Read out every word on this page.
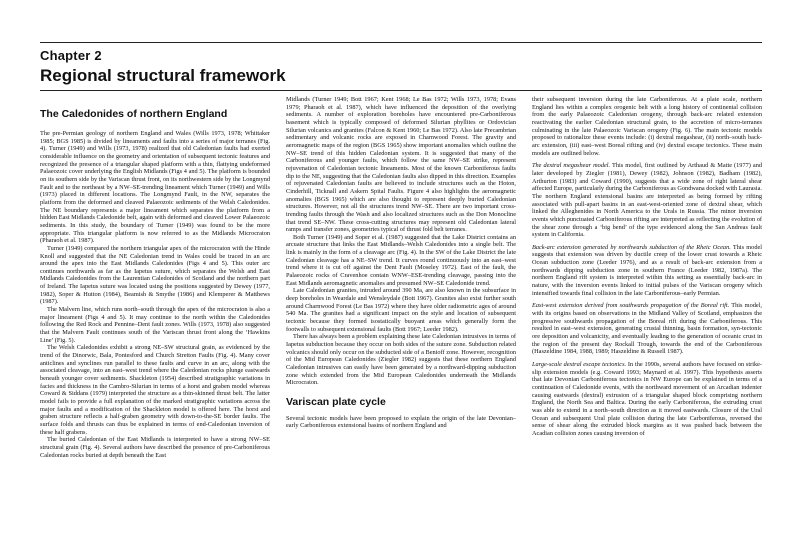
Chapter 2
Regional structural framework
The Caledonides of northern England

The pre-Permian geology of northern England and Wales (Wills 1973, 1978; Whittaker 1985; BGS 1985) is divided by lineaments and faults into a series of major terranes (Fig. 4). Turner (1949) and Wills (1973, 1978) realized that old Caledonian faults had exerted considerable influence on the geometry and orientation of subsequent tectonic features and recognized the presence of a triangular shaped platform with a thin, flattying undeformed Palaeozoic cover underlying the English Midlands (Figs 4 and 5). The platform is bounded on its southern side by the Variscan thrust front, on its northwestern side by the Longmynd Fault and to the northeast by a NW–SE-trending lineament which Turner (1949) and Wills (1973) placed in different locations. The Longmynd Fault, in the NW, separates the platform from the deformed and cleaved Palaeozoic sediments of the Welsh Caledonides. The NE boundary represents a major lineament which separates the platform from a hidden East Midlands Caledonide belt, again with deformed and cleaved Lower Palaeozoic sediments. In this study, the boundary of Turner (1949) was found to be the more appropriate. This triangular platform is now referred to as the Midlands Microcraton (Pharaoh et al. 1987).

Turner (1949) compared the northern triangular apex of the microcraton with the Hinde Knoll and suggested that the NE Caledonian trend in Wales could be traced in an arc around the apex into the East Midlands Caledonides (Figs 4 and 5). This outer arc continues northwards as far as the Iapetus suture, which separates the Welsh and East Midlands Caledonides from the Laurentian Caledonides of Scotland and the northern part of Ireland. The Iapetus suture was located using the positions suggested by Dewey (1977, 1982), Soper & Hutton (1984), Beamish & Smythe (1986) and Klemperer & Matthews (1987).

The Malvern line, which runs north–south through the apex of the microcraton is also a major lineament (Figs 4 and 5). It may continue to the north within the Caledonides following the Red Rock and Pennine–Dent fault zones. Wills (1973, 1978) also suggested that the Malvern Fault continues south of the Variscan thrust front along the ‘Hawkins Line’ (Fig. 5).

The Welsh Caledonides exhibit a strong NE–SW structural grain, as evidenced by the trend of the Dinorwic, Bala, Pontesford and Church Stretton Faults (Fig. 4). Many cover anticlines and synclines run parallel to these faults and curve in an arc, along with the associated cleavage, into an east–west trend where the Caledonian rocks plunge eastwards beneath younger cover sediments. Shackleton (1954) described stratigraphic variations in facies and thickness in the Cambro-Silurian in terms of a horst and graben model whereas Coward & Siddans (1979) interpreted the structure as a thin-skinned thrust belt. The latter model fails to provide a full explanation of the marked stratigraphic variations across the major faults and a modification of the Shackleton model is offered here. The horst and graben structure reflects a half-graben geometry with down-to-the-SE border faults. The surface folds and thrusts can thus be explained in terms of end-Caledonian inversion of these half grabens.

The buried Caledonian of the East Midlands is interpreted to have a strong NW–SE structural grain (Fig. 4). Several authors have described the presence of pre-Carboniferous Caledonian rocks buried at depth beneath the East

Midlands (Turner 1949; Bott 1967; Kent 1968; Le Bas 1972; Wills 1973, 1978; Evans 1979; Pharaoh et al. 1987), which have influenced the deposition of the overlying sediments. A number of exploration boreholes have encountered pre-Carboniferous basement which is typically composed of deformed Silurian phyllites or Ordovician Silurian volcanics and granites (Falcon & Kent 1960; Le Bas 1972). Also late Precambrian sedimentary and volcanic rocks are exposed in Charnwood Forest. The gravity and aeromagnetic maps of the region (BGS 1965) show important anomalies which outline the NW–SE trend of this hidden Caledonian system. It is suggested that many of the Carboniferous and younger faults, which follow the same NW–SE strike, represent rejuvenation of Caledonian tectonic lineaments. Most of the known Carboniferous faults dip to the NE, suggesting that the Caledonian faults also dipped in this direction. Examples of rejuvenated Caledonian faults are believed to include structures such as the Hoton, Cinderhill, Ticknall and Askern Spital Faults. Figure 4 also highlights the aeromagnetic anomalies (BGS 1965) which are also thought to represent deeply buried Caledonian structures. However, not all the structures trend NW–SE. There are two important cross-trending faults through the Wash and also localized structures such as the Don Monocline that trend SE–NW. These cross-cutting structures may represent old Caledonian lateral ramps and transfer zones, geometries typical of thrust fold belt terranes.

Both Turner (1949) and Soper et al. (1987) suggested that the Lake District contains an arcuate structure that links the East Midlands–Welsh Caledonides into a single belt. The link is mainly in the form of a cleavage arc (Fig. 4). In the SW of the Lake District the late Caledonian cleavage has a NE–SW trend. It curves round continuously into an east–west trend where it is cut off against the Dent Fault (Moseley 1972). East of the fault, the Palaeozoic rocks of Cravenhoe contain WNW–ESE-trending cleavage, passing into the East Midlands aeromagnetic anomalies and presumed NW–SE Caledonide trend.

Late Caledonian granites, intruded around 390 Ma, are also known in the subsurface in deep boreholes in Weardale and Wensleydale (Bott 1967). Granites also exist further south around Charnwood Forest (Le Bas 1972) where they have older radiometric ages of around 540 Ma. The granites had a significant impact on the style and location of subsequent tectonic because they formed isostatically buoyant areas which generally form the footwalls to subsequent extensional faults (Bott 1967; Leeder 1982).

There has always been a problem explaining these late Caledonian intrusives in terms of Iapetus subduction because they occur on both sides of the suture zone. Subduction related volcanics should only occur on the subducted side of a Benioff zone. However, recognition of the Mid European Caledonides (Ziegler 1982) suggests that these northern England Caledonian intrusives can easily have been generated by a northward-dipping subduction zone which extended from the Mid European Caledonides underneath the Midlands Microcraton.

Variscan plate cycle

Several tectonic models have been proposed to explain the origin of the late Devonian–early Carboniferous extensional basins of northern England and

their subsequent inversion during the late Carboniferous. At a plate scale, northern England lies within a complex orogenic belt with a long history of continental collision from the early Palaeozoic Caledonian orogeny, through back-arc related extension reactivating the earlier Caledonian structural grain, to the accretion of micro-terranes culminating in the late Palaeozoic Variscan orogeny (Fig. 6). The main tectonic models proposed to rationalize these events include: (i) dextral megashear, (ii) north–south back-arc extension, (iii) east–west Boreal rifting and (iv) dextral escape tectonics. These main models are outlined below.

The dextral megashear model. This model, first outlined by Arthaud & Matte (1977) and later developed by Ziegler (1981), Dewey (1982), Johnson (1982), Badham (1982), Arthurton (1983) and Coward (1990), suggests that a wide zone of right lateral shear affected Europe, particularly during the Carboniferous as Gondwana docked with Laurasia. The northern England extensional basins are interpreted as being formed by rifting associated with pull-apart basins in an east-west-oriented zone of dextral shear, which linked the Alleghenides in North America to the Urals in Russia. The minor inversion events which punctuated Carboniferous rifting are interpreted as reflecting the evolution of the shear zone through a ‘big bend’ of the type evidenced along the San Andreas fault system in California.

Back-arc extension generated by northwards subduction of the Rheic Ocean. This model suggests that extension was driven by ductile creep of the lower crust towards a Rheic Ocean subduction zone (Leeder 1976), and as a result of back-arc extension from a northwards dipping subduction zone in southern France (Leeder 1982, 1987a). The northern England rift system is interpreted within this setting as essentially back-arc in nature, with the inversion events linked to initial pulses of the Variscan orogeny which intensified towards final collision in the late Carboniferous–early Permian.

East-west extension derived from southwards propagation of the Boreal rift. This model, with its origins based on observations in the Midland Valley of Scotland, emphasizes the progressive southwards propagation of the Boreal rift during the Carboniferous. This resulted in east–west extension, generating crustal thinning, basin formation, syn-tectonic ore deposition and volcanicity, and eventually leading to the generation of oceanic crust in the region of the present day Rockall Trough, towards the end of the Carboniferous (Haszeldine 1984, 1988, 1989; Haszeldine & Russell 1987).

Large-scale dextral escape tectonics. In the 1990s, several authors have focused on strike-slip extension models (e.g. Coward 1993; Maynard et al. 1997). This hypothesis asserts that late Devonian Carboniferous tectonics in NW Europe can be explained in terms of a continuation of Caledonide events, with the northward movement of an Arcadian indenter causing eastwards (dextral) extrusion of a triangular shaped block comprising northern England, the North Sea and Baltica. During the early Carboniferous, the extruding crust was able to extend in a north–south direction as it moved eastwards. Closure of the Ural Ocean and subsequent Ural plate collision during the late Carboniferous, reversed the sense of shear along the extruded block margins as it was pushed back between the Acadian collision zones causing inversion of
